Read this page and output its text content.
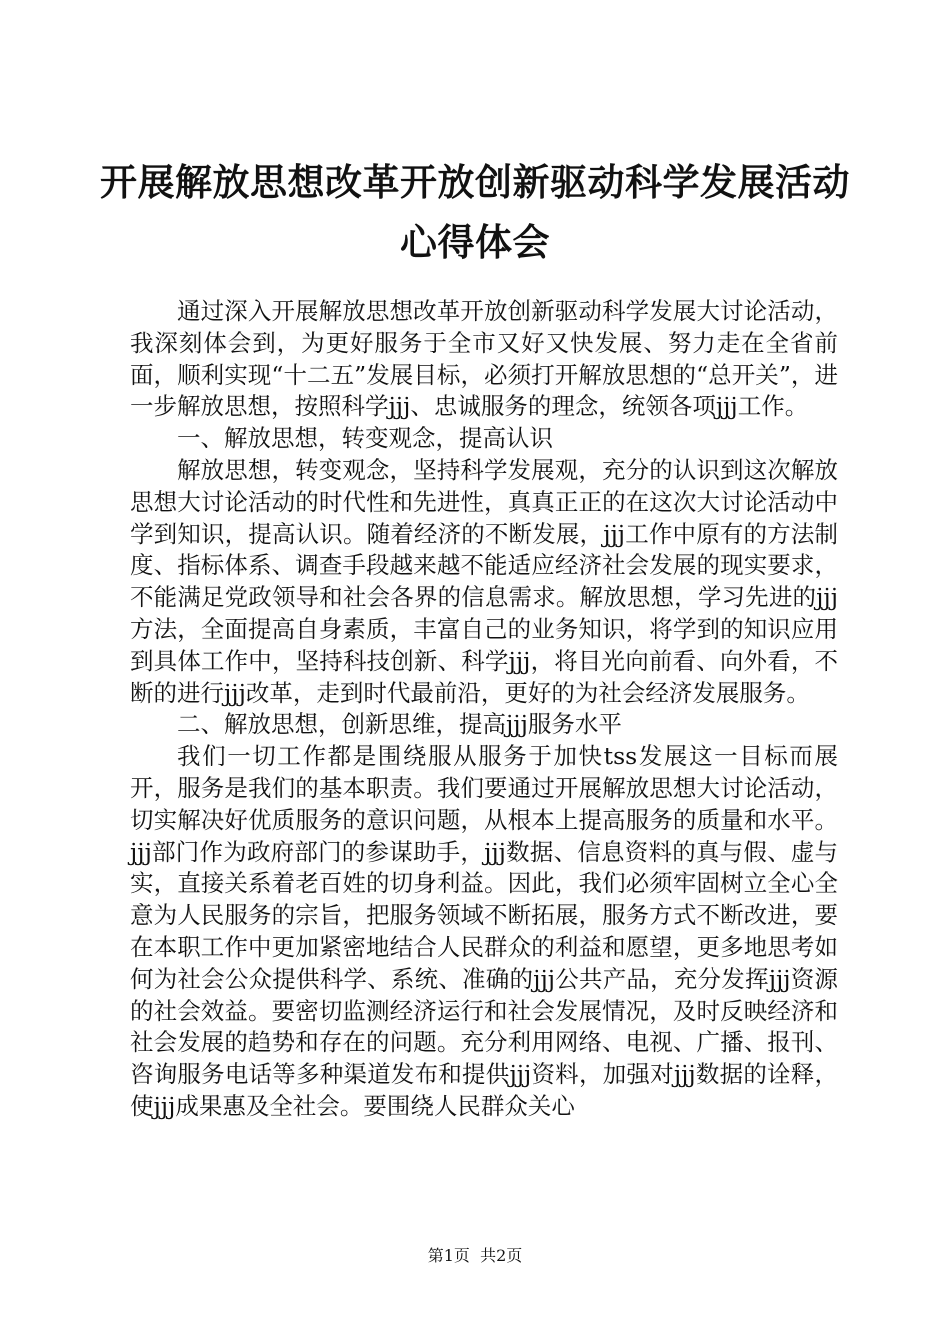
开展解放思想改革开放创新驱动科学发展活动
心得体会

通过深入开展解放思想改革开放创新驱动科学发展大讨论活动，我深刻体会到，为更好服务于全市又好又快发展、努力走在全省前面，顺利实现“十二五”发展目标，必须打开解放思想的“总开关”，进一步解放思想，按照科学jjj、忠诚服务的理念，统领各项jjj工作。

一、解放思想，转变观念，提高认识

解放思想，转变观念，坚持科学发展观，充分的认识到这次解放思想大讨论活动的时代性和先进性，真真正正的在这次大讨论活动中学到知识，提高认识。随着经济的不断发展，jjj工作中原有的方法制度、指标体系、调查手段越来越不能适应经济社会发展的现实要求，不能满足党政领导和社会各界的信息需求。解放思想，学习先进的jjj方法，全面提高自身素质，丰富自己的业务知识，将学到的知识应用到具体工作中，坚持科技创新、科学jjj，将目光向前看、向外看，不断的进行jjj改革，走到时代最前沿，更好的为社会经济发展服务。

二、解放思想，创新思维，提高jjj服务水平

我们一切工作都是围绕服从服务于加快tss发展这一目标而展开，服务是我们的基本职责。我们要通过开展解放思想大讨论活动，切实解决好优质服务的意识问题，从根本上提高服务的质量和水平。jjj部门作为政府部门的参谋助手，jjj数据、信息资料的真与假、虚与实，直接关系着老百姓的切身利益。因此，我们必须牢固树立全心全意为人民服务的宗旨，把服务领域不断拓展，服务方式不断改进，要在本职工作中更加紧密地结合人民群众的利益和愿望，更多地思考如何为社会公众提供科学、系统、准确的jjj公共产品，充分发挥jjj资源的社会效益。要密切监测经济运行和社会发展情况，及时反映经济和社会发展的趋势和存在的问题。充分利用网络、电视、广播、报刊、咨询服务电话等多种渠道发布和提供jjj资料，加强对jjj数据的诠释，使jjj成果惠及全社会。要围绕人民群众关心

第1页 共2页
